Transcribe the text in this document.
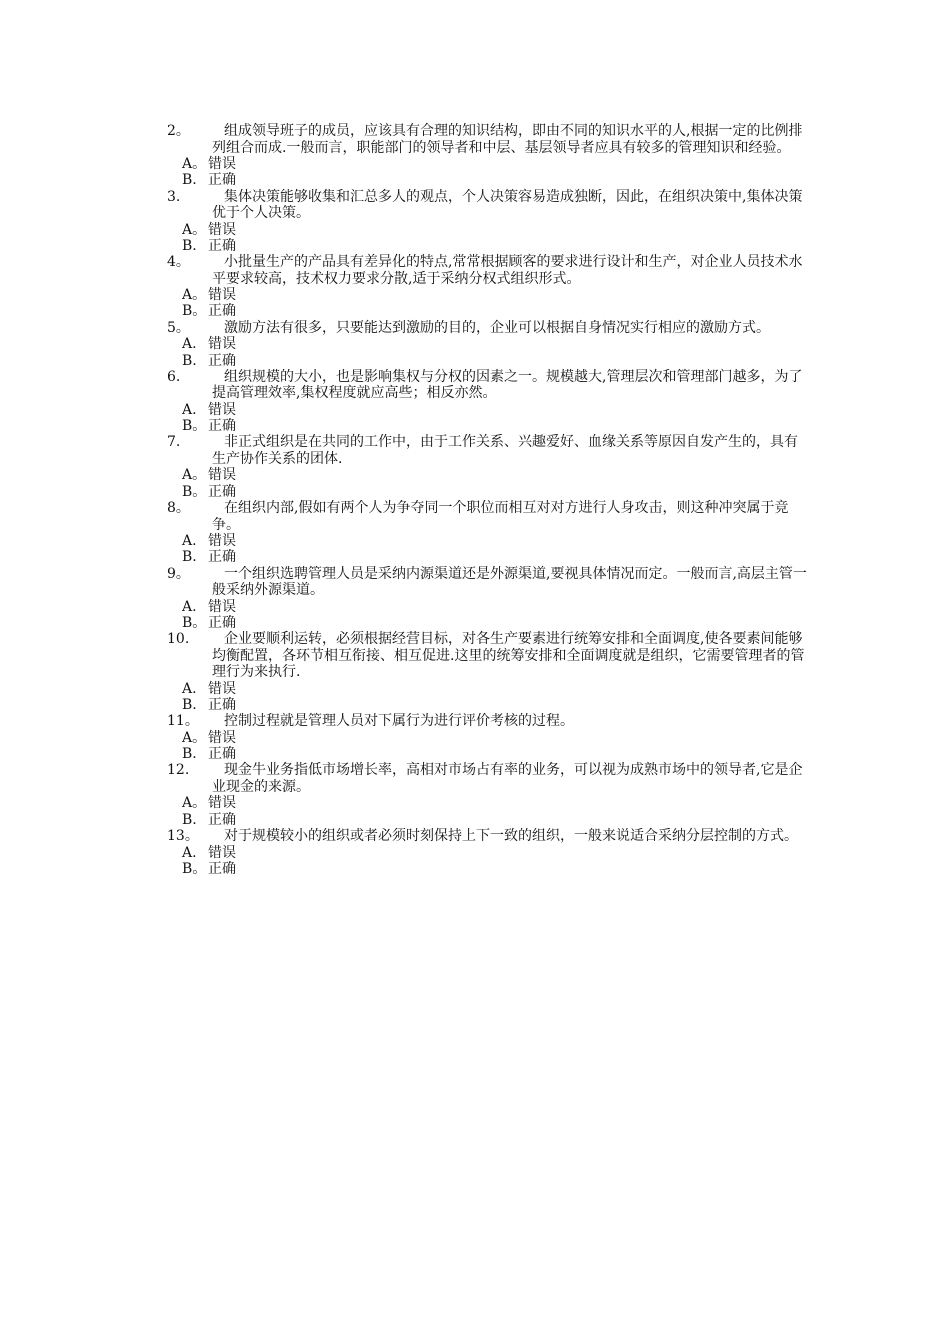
2。	组成领导班子的成员，应该具有合理的知识结构，即由不同的知识水平的人,根据一定的比例排列组合而成.一般而言，职能部门的领导者和中层、基层领导者应具有较多的管理知识和经验。
A。 错误
B. 正确
3.	集体决策能够收集和汇总多人的观点，个人决策容易造成独断，因此，在组织决策中,集体决策优于个人决策。
A。 错误
B. 正确
4。	小批量生产的产品具有差异化的特点,常常根据顾客的要求进行设计和生产，对企业人员技术水平要求较高，技术权力要求分散,适于采纳分权式组织形式。
A。 错误
B。 正确
5。	激励方法有很多，只要能达到激励的目的，企业可以根据自身情况实行相应的激励方式。
A. 错误
B. 正确
6.	组织规模的大小，也是影响集权与分权的因素之一。规模越大,管理层次和管理部门越多，为了提高管理效率,集权程度就应高些；相反亦然。
A. 错误
B。 正确
7.	非正式组织是在共同的工作中，由于工作关系、兴趣爱好、血缘关系等原因自发产生的，具有生产协作关系的团体.
A。 错误
B。 正确
8。	在组织内部,假如有两个人为争夺同一个职位而相互对对方进行人身攻击，则这种冲突属于竞争。
A. 错误
B. 正确
9。	一个组织选聘管理人员是采纳内源渠道还是外源渠道,要视具体情况而定。一般而言,高层主管一般采纳外源渠道。
A. 错误
B。 正确
10.	企业要顺利运转，必须根据经营目标，对各生产要素进行统筹安排和全面调度,使各要素间能够均衡配置，各环节相互衔接、相互促进.这里的统筹安排和全面调度就是组织，它需要管理者的管理行为来执行.
A. 错误
B. 正确
11。	控制过程就是管理人员对下属行为进行评价考核的过程。
A。 错误
B. 正确
12.	现金牛业务指低市场增长率，高相对市场占有率的业务，可以视为成熟市场中的领导者,它是企业现金的来源。
A。 错误
B. 正确
13。	对于规模较小的组织或者必须时刻保持上下一致的组织，一般来说适合采纳分层控制的方式。
A. 错误
B。 正确
